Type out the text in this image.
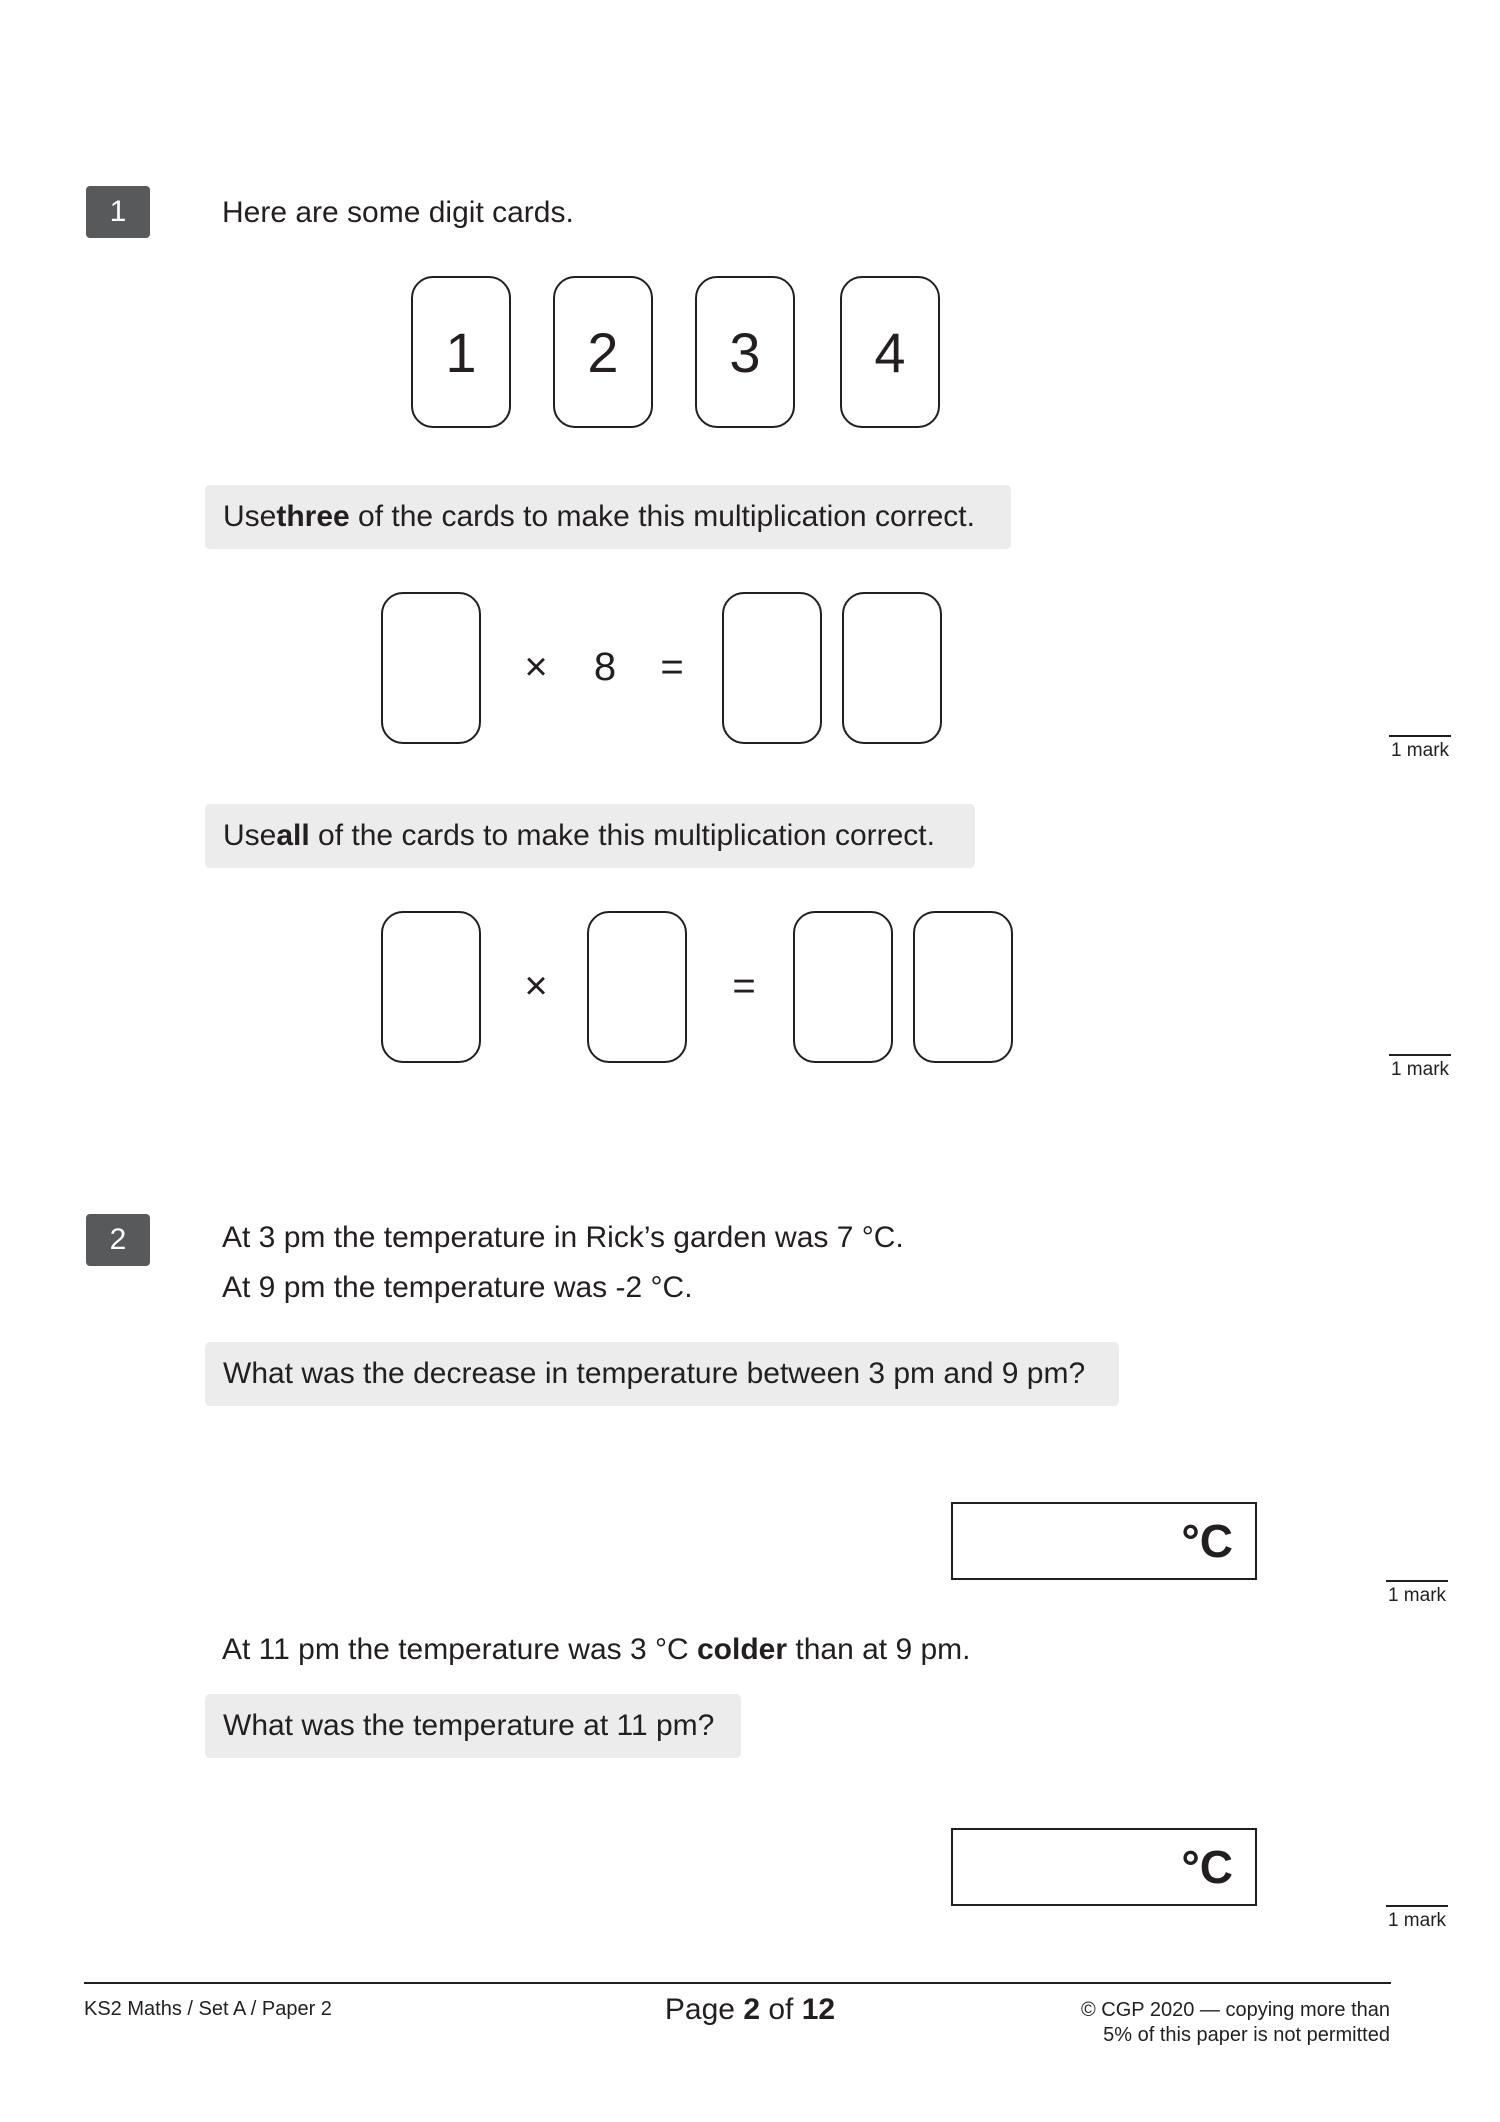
1	Here are some digit cards.
1	2	3	4
Use three of the cards to make this multiplication correct.
× 8 =
1 mark
Use all of the cards to make this multiplication correct.
×	=
1 mark
2	At 3 pm the temperature in Rick’s garden was 7 °C.
At 9 pm the temperature was -2 °C.
What was the decrease in temperature between 3 pm and 9 pm?
°C
1 mark
At 11 pm the temperature was 3 °C colder than at 9 pm.
What was the temperature at 11 pm?
°C
1 mark
KS2 Maths / Set A / Paper 2	Page 2 of 12	© CGP 2020 — copying more than
5% of this paper is not permitted
